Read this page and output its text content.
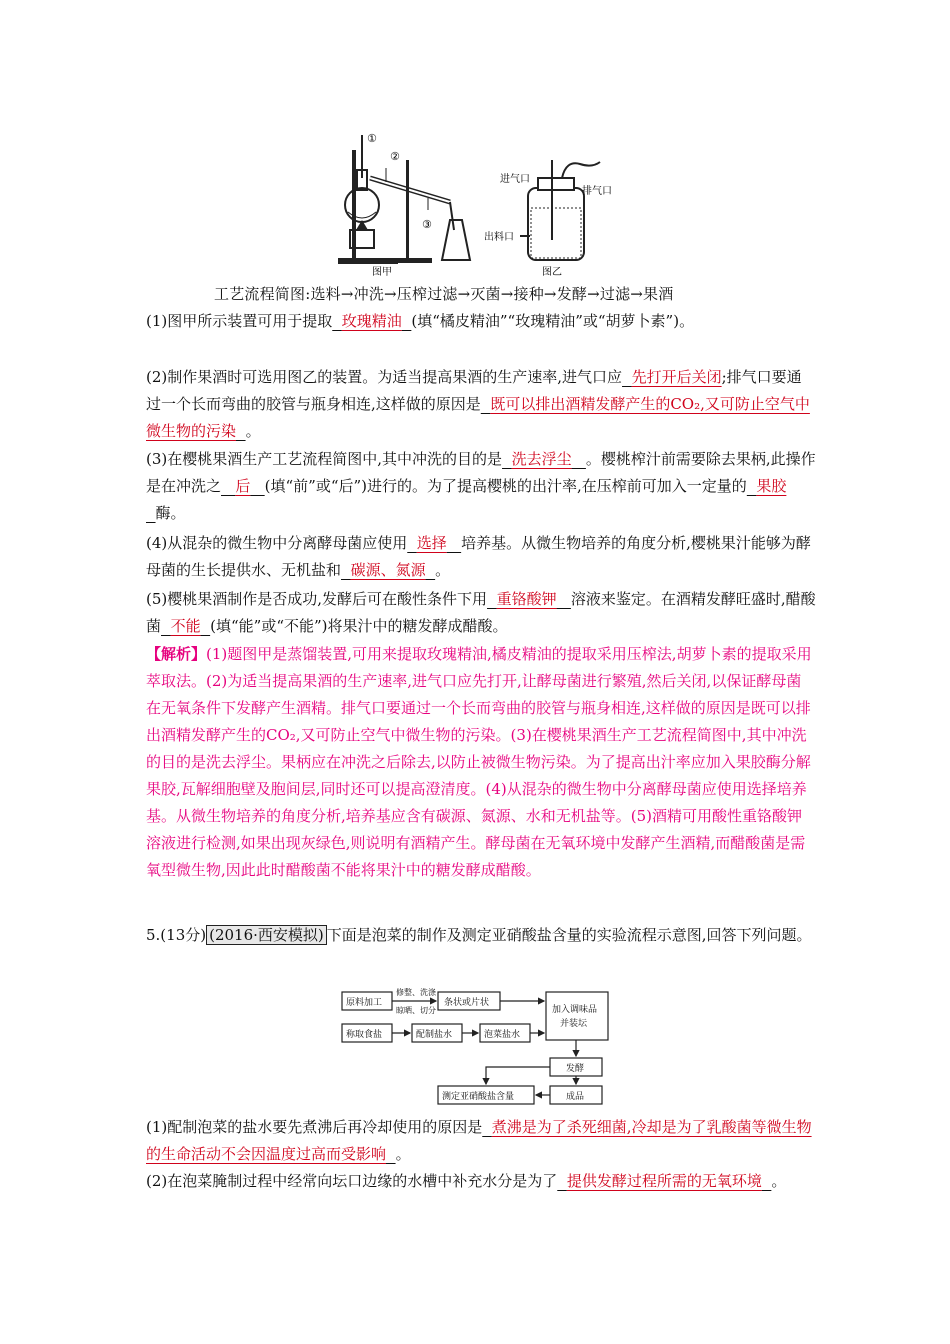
①
②
③
图甲
进气口
排气口
出料口
图乙
工艺流程简图:选料→冲洗→压榨过滤→灭菌→接种→发酵→过滤→果酒
(1)图甲所示装置可用于提取 玫瑰精油 (填“橘皮精油”“玫瑰精油”或“胡萝卜素”)。
(2)制作果酒时可选用图乙的装置。为适当提高果酒的生产速率,进气口应 先打开后关闭;排气口要通过一个长而弯曲的胶管与瓶身相连,这样做的原因是 既可以排出酒精发酵产生的CO₂,又可防止空气中微生物的污染 。
(3)在樱桃果酒生产工艺流程简图中,其中冲洗的目的是 洗去浮尘 。樱桃榨汁前需要除去果柄,此操作是在冲洗之 后 (填“前”或“后”)进行的。为了提高樱桃的出汁率,在压榨前可加入一定量的 果胶  酶。
(4)从混杂的微生物中分离酵母菌应使用 选择 培养基。从微生物培养的角度分析,樱桃果汁能够为酵母菌的生长提供水、无机盐和 碳源、氮源 。
(5)樱桃果酒制作是否成功,发酵后可在酸性条件下用 重铬酸钾 溶液来鉴定。在酒精发酵旺盛时,醋酸菌 不能 (填“能”或“不能”)将果汁中的糖发酵成醋酸。
【解析】(1)题图甲是蒸馏装置,可用来提取玫瑰精油,橘皮精油的提取采用压榨法,胡萝卜素的提取采用萃取法。(2)为适当提高果酒的生产速率,进气口应先打开,让酵母菌进行繁殖,然后关闭,以保证酵母菌在无氧条件下发酵产生酒精。排气口要通过一个长而弯曲的胶管与瓶身相连,这样做的原因是既可以排出酒精发酵产生的CO₂,又可防止空气中微生物的污染。(3)在樱桃果酒生产工艺流程简图中,其中冲洗的目的是洗去浮尘。果柄应在冲洗之后除去,以防止被微生物污染。为了提高出汁率应加入果胶酶分解果胶,瓦解细胞壁及胞间层,同时还可以提高澄清度。(4)从混杂的微生物中分离酵母菌应使用选择培养基。从微生物培养的角度分析,培养基应含有碳源、氮源、水和无机盐等。(5)酒精可用酸性重铬酸钾溶液进行检测,如果出现灰绿色,则说明有酒精产生。酵母菌在无氧环境中发酵产生酒精,而醋酸菌是需氧型微生物,因此此时醋酸菌不能将果汁中的糖发酵成醋酸。
5.(13分) (2016·西安模拟) 下面是泡菜的制作及测定亚硝酸盐含量的实验流程示意图,回答下列问题。
原料加工
修整、洗涤
晾晒、切分
条状或片状
加入调味品
并装坛
称取食盐	配制盐水	泡菜盐水
发酵
成品
测定亚硝酸盐含量
(1)配制泡菜的盐水要先煮沸后再冷却使用的原因是 煮沸是为了杀死细菌,冷却是为了乳酸菌等微生物的生命活动不会因温度过高而受影响 。
(2)在泡菜腌制过程中经常向坛口边缘的水槽中补充水分是为了 提供发酵过程所需的无氧环境 。
